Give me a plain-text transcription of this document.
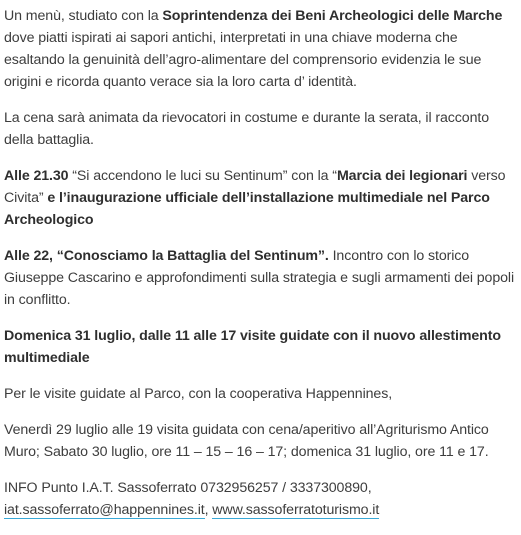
Un menù, studiato con la Soprintendenza dei Beni Archeologici delle Marche dove piatti ispirati ai sapori antichi, interpretati in una chiave moderna che esaltando la genuinità dell’agro-alimentare del comprensorio evidenzia le sue origini e ricorda quanto verace sia la loro carta d’ identità.

La cena sarà animata da rievocatori in costume e durante la serata, il racconto della battaglia.

Alle 21.30 “Si accendono le luci su Sentinum” con la “Marcia dei legionari verso Civita” e l’inaugurazione ufficiale dell’installazione multimediale nel Parco Archeologico

Alle 22, “Conosciamo la Battaglia del Sentinum”. Incontro con lo storico Giuseppe Cascarino e approfondimenti sulla strategia e sugli armamenti dei popoli in conflitto.

Domenica 31 luglio, dalle 11 alle 17 visite guidate con il nuovo allestimento multimediale

Per le visite guidate al Parco, con la cooperativa Happennines,

Venerdì 29 luglio alle 19 visita guidata con cena/aperitivo all’Agriturismo Antico Muro; Sabato 30 luglio, ore 11 – 15 – 16 – 17; domenica 31 luglio, ore 11 e 17.

INFO Punto I.A.T. Sassoferrato 0732956257 / 3337300890,
iat.sassoferrato@happennines.it, www.sassoferratoturismo.it
